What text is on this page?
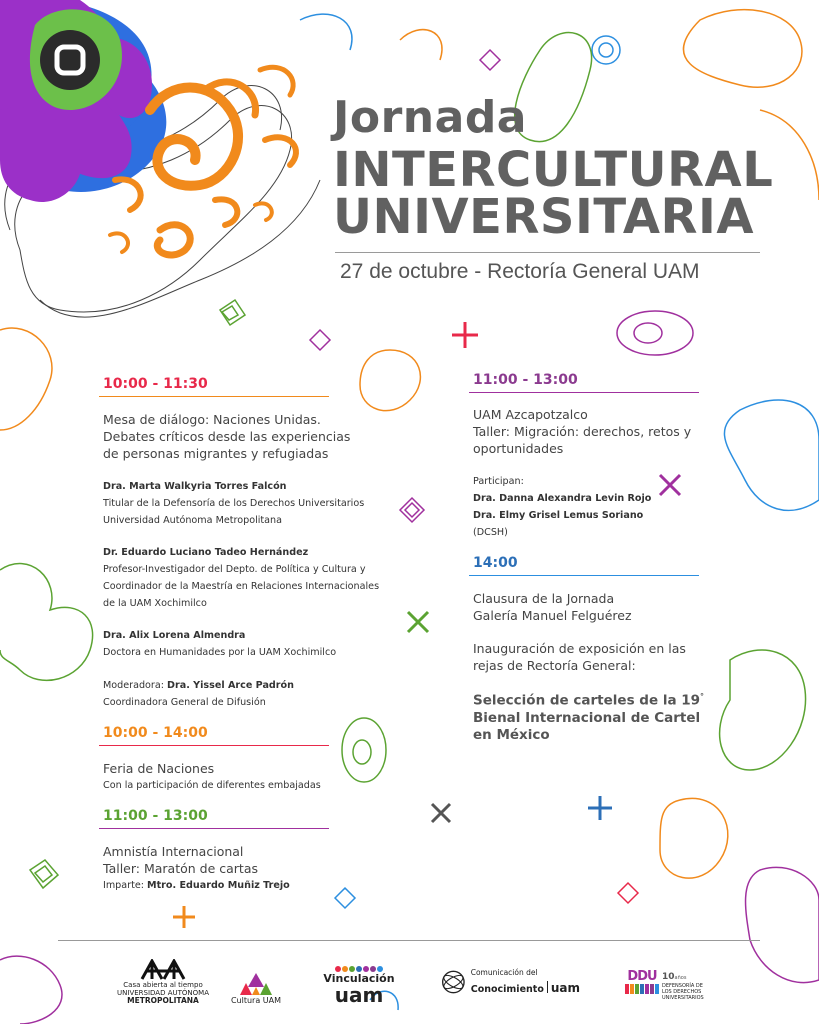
Jornada
INTERCULTURAL
UNIVERSITARIA
27 de octubre - Rectoría General UAM
10:00 - 11:30
Mesa de diálogo: Naciones Unidas.
Debates críticos desde las experiencias
de personas migrantes y refugiadas
Dra. Marta Walkyria Torres Falcón
Titular de la Defensoría de los Derechos Universitarios
Universidad Autónoma Metropolitana
Dr. Eduardo Luciano Tadeo Hernández
Profesor-Investigador del Depto. de Política y Cultura y
Coordinador de la Maestría en Relaciones Internacionales
de la UAM Xochimilco
Dra. Alix Lorena Almendra
Doctora en Humanidades por la UAM Xochimilco
Moderadora: Dra. Yissel Arce Padrón
Coordinadora General de Difusión
10:00 - 14:00
Feria de Naciones
Con la participación de diferentes embajadas
11:00 - 13:00
Amnistía Internacional
Taller: Maratón de cartas
Imparte: Mtro. Eduardo Muñiz Trejo
11:00 - 13:00
UAM Azcapotzalco
Taller: Migración: derechos, retos y
oportunidades
Participan:
Dra. Danna Alexandra Levin Rojo
Dra. Elmy Grisel Lemus Soriano
(DCSH)
14:00
Clausura de la Jornada
Galería Manuel Felguérez
Inauguración de exposición en las
rejas de Rectoría General:
Selección de carteles de la 19°
Bienal Internacional de Cartel
en México
Casa abierta al tiempo
UNIVERSIDAD AUTÓNOMA
METROPOLITANA	Cultura UAM
Vinculación
uam
Comunicación del
Conocimiento uam
DDU 10años
DEFENSORÍA DE
LOS DERECHOS
UNIVERSITARIOS
